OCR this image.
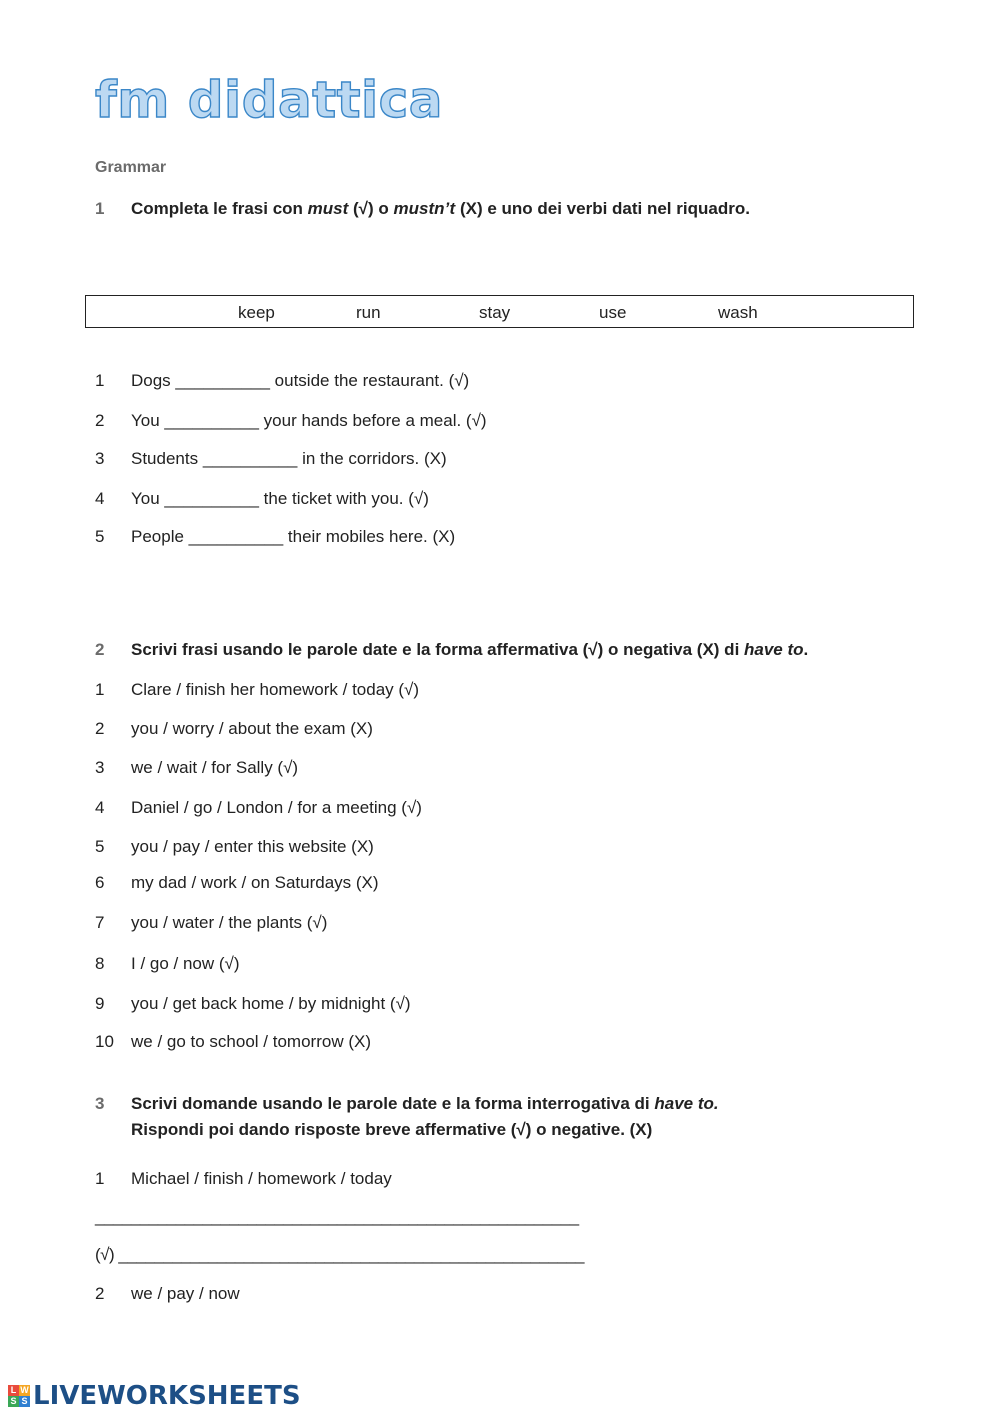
fm didattica
Grammar
1 Completa le frasi con must (√) o mustn’t (X) e uno dei verbi dati nel riquadro.
keep	run	stay	use	wash
1 Dogs __________ outside the restaurant. (√)
2 You __________ your hands before a meal. (√)
3 Students __________ in the corridors. (X)
4 You __________ the ticket with you. (√)
5 People __________ their mobiles here. (X)
2 Scrivi frasi usando le parole date e la forma affermativa (√) o negativa (X) di have to.
1 Clare / finish her homework / today (√)
2 you / worry / about the exam (X)
3 we / wait / for Sally (√)
4 Daniel / go / London / for a meeting (√)
5 you / pay / enter this website (X)
6 my dad / work / on Saturdays (X)
7 you / water / the plants (√)
8 I / go / now (√)
9 you / get back home / by midnight (√)
10 we / go to school / tomorrow (X)
3 Scrivi domande usando le parole date e la forma interrogativa di have to.
Rispondi poi dando risposte breve affermative (√) o negative. (X)
1 Michael / finish / homework / today
______________________________________________________
(√) ____________________________________________________
2 we / pay / now
L W
S S LIVEWORKSHEETS
